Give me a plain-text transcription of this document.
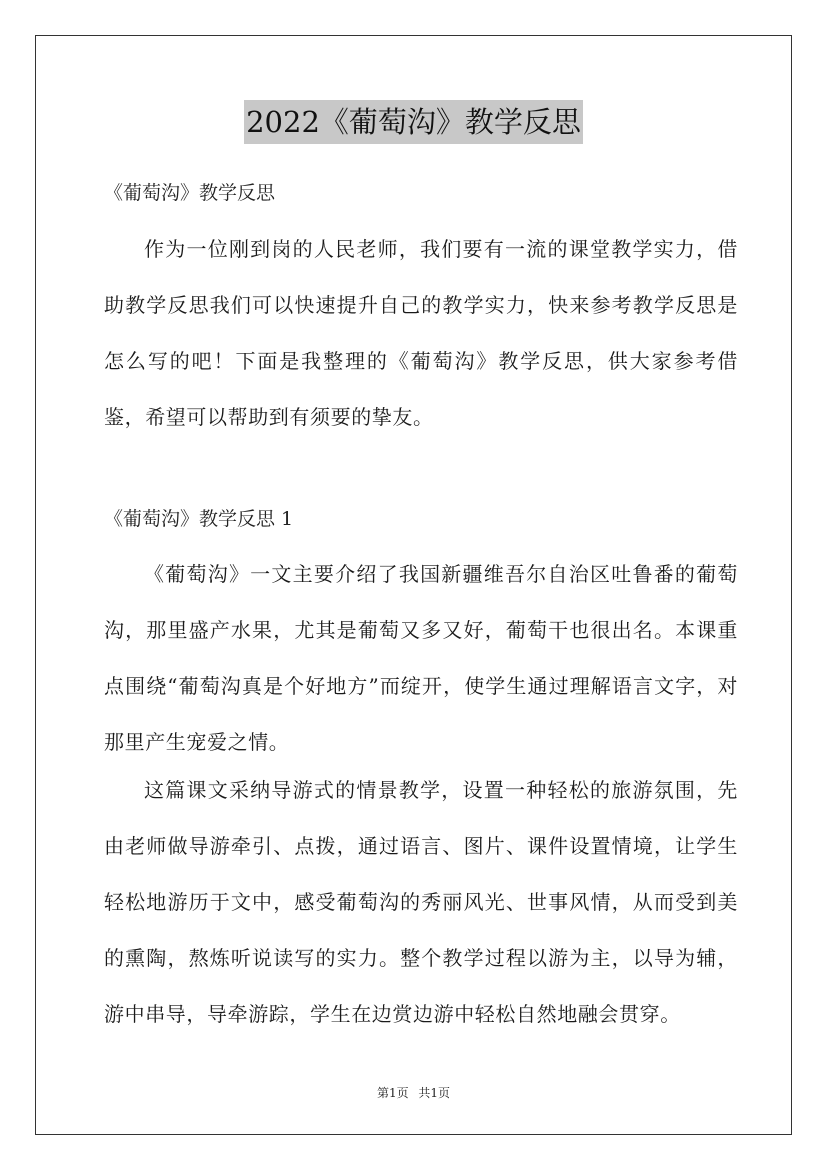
2022《葡萄沟》教学反思
《葡萄沟》教学反思
作为一位刚到岗的人民老师，我们要有一流的课堂教学实力，借助教学反思我们可以快速提升自己的教学实力，快来参考教学反思是怎么写的吧！下面是我整理的《葡萄沟》教学反思，供大家参考借鉴，希望可以帮助到有须要的挚友。
《葡萄沟》教学反思 1
《葡萄沟》一文主要介绍了我国新疆维吾尔自治区吐鲁番的葡萄沟，那里盛产水果，尤其是葡萄又多又好，葡萄干也很出名。本课重点围绕“葡萄沟真是个好地方”而绽开，使学生通过理解语言文字，对那里产生宠爱之情。
这篇课文采纳导游式的情景教学，设置一种轻松的旅游氛围，先由老师做导游牵引、点拨，通过语言、图片、课件设置情境，让学生轻松地游历于文中，感受葡萄沟的秀丽风光、世事风情，从而受到美的熏陶，熬炼听说读写的实力。整个教学过程以游为主，以导为辅，游中串导，导牵游踪，学生在边赏边游中轻松自然地融会贯穿。
第1页 共1页
